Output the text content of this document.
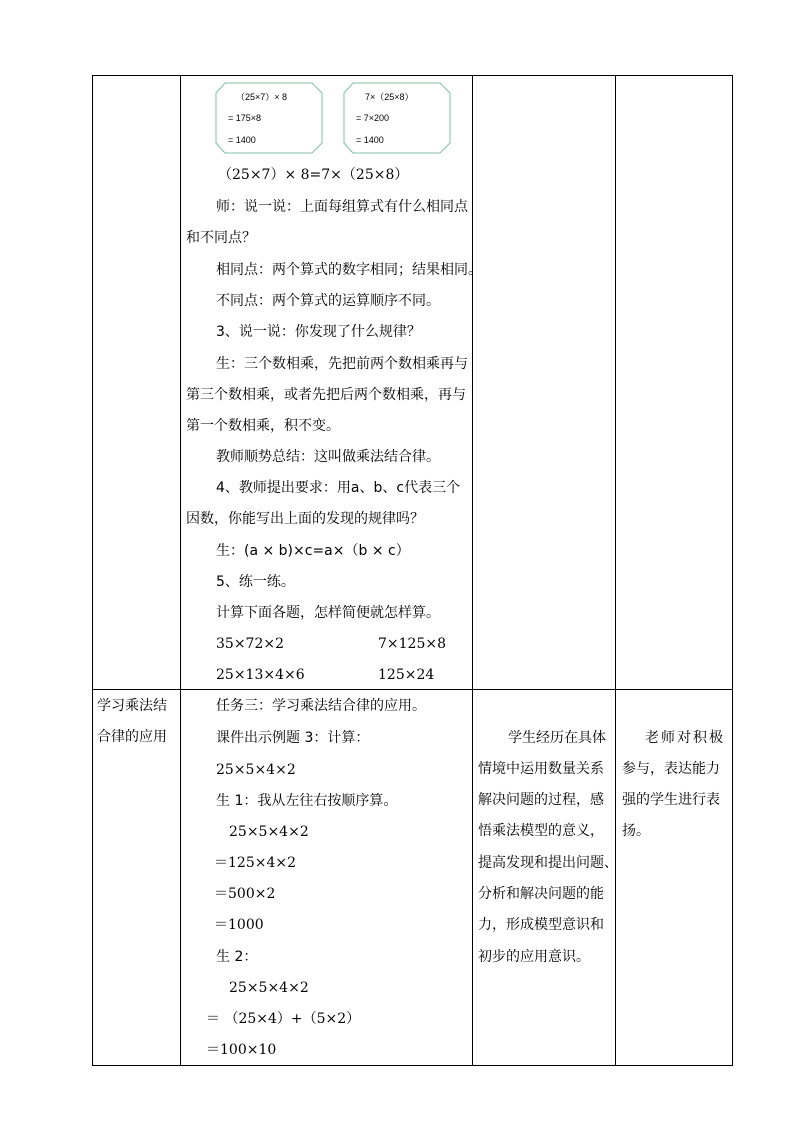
（25×7）× 8
= 175×8
= 1400
7×（25×8）
= 7×200
= 1400
（25×7）× 8=7×（25×8）
师：说一说：上面每组算式有什么相同点
和不同点？
相同点：两个算式的数字相同；结果相同。
不同点：两个算式的运算顺序不同。
3、说一说：你发现了什么规律？
生：三个数相乘，先把前两个数相乘再与
第三个数相乘，或者先把后两个数相乘，再与
第一个数相乘，积不变。
教师顺势总结：这叫做乘法结合律。
4、教师提出要求：用a、b、c代表三个
因数，你能写出上面的发现的规律吗？
生：(a × b)×c=a×（b × c）
5、练一练。
计算下面各题，怎样简便就怎样算。
35×72×2	7×125×8
25×13×4×6	125×24
学习乘法结
合律的应用
任务三：学习乘法结合律的应用。
课件出示例题 3：计算：
25×5×4×2
生 1：我从左往右按顺序算。
25×5×4×2
＝125×4×2
＝500×2
＝1000
生 2：
25×5×4×2
＝ （25×4）+（5×2）
＝100×10
学生经历在具体
情境中运用数量关系
解决问题的过程，感
悟乘法模型的意义，
提高发现和提出问题、
分析和解决问题的能
力，形成模型意识和
初步的应用意识。
老师对积极
参与，表达能力
强的学生进行表
扬。
